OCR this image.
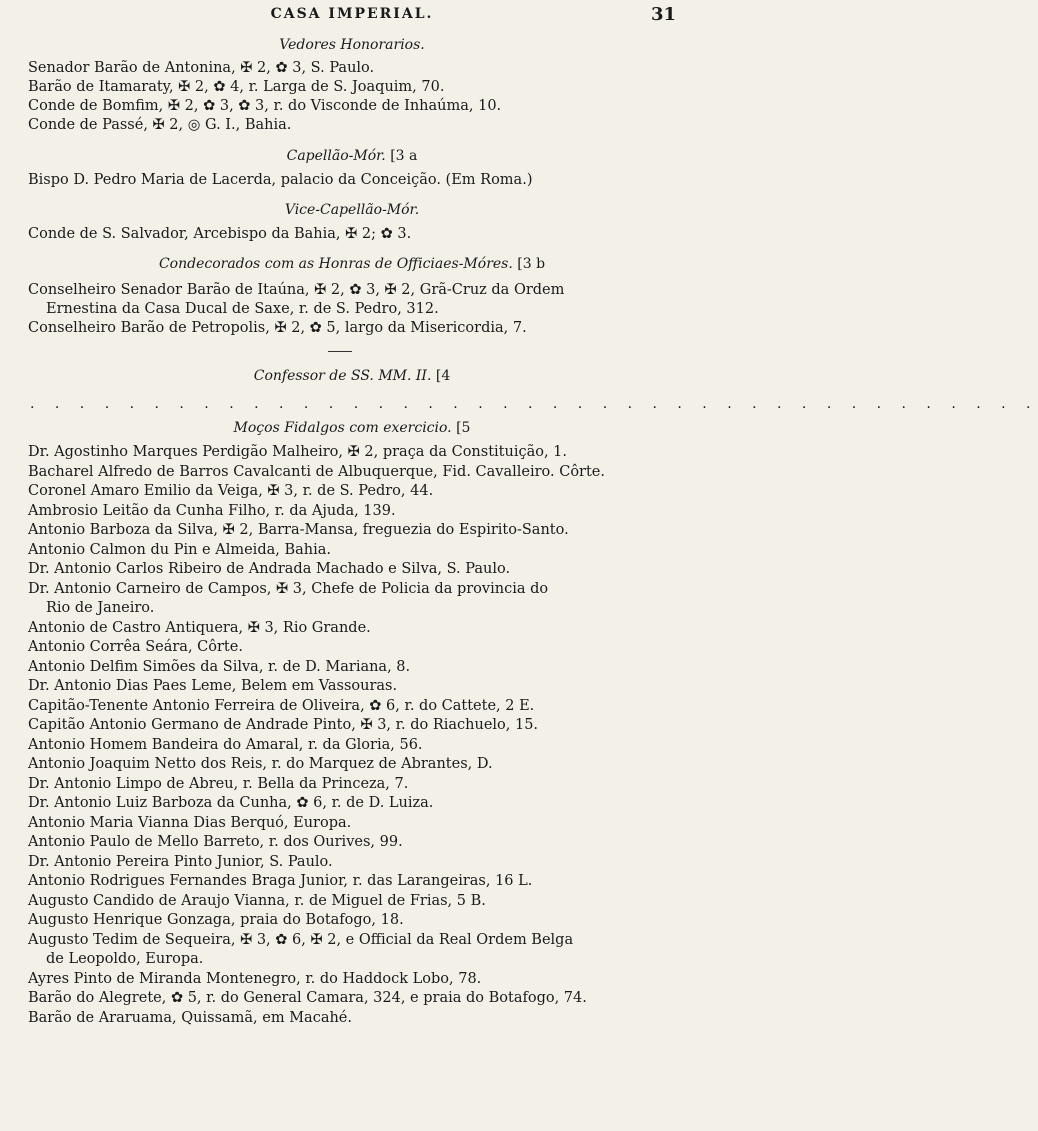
CASA IMPERIAL.	31
Vedores Honorarios.
Senador Barão de Antonina, ✠ 2, ✿ 3, S. Paulo.
Barão de Itamaraty, ✠ 2, ✿ 4, r. Larga de S. Joaquim, 70.
Conde de Bomfim, ✠ 2, ✿ 3, ✿ 3, r. do Visconde de Inhaúma, 10.
Conde de Passé, ✠ 2, ◎ G. I., Bahia.
Capellão-Mór. [3 a
Bispo D. Pedro Maria de Lacerda, palacio da Conceição. (Em Roma.)
Vice-Capellão-Mór.
Conde de S. Salvador, Arcebispo da Bahia, ✠ 2; ✿ 3.
Condecorados com as Honras de Officiaes-Móres. [3 b
Conselheiro Senador Barão de Itaúna, ✠ 2, ✿ 3, ✠ 2, Grã-Cruz da Ordem
Ernestina da Casa Ducal de Saxe, r. de S. Pedro, 312.
Conselheiro Barão de Petropolis, ✠ 2, ✿ 5, largo da Misericordia, 7.
Confessor de SS. MM. II. [4
. . . . . . . . . . . . . . . . . . . . . . . . . . . . . . . . . . . . . . . . .
Moços Fidalgos com exercicio. [5
Dr. Agostinho Marques Perdigão Malheiro, ✠ 2, praça da Constituição, 1.
Bacharel Alfredo de Barros Cavalcanti de Albuquerque, Fid. Cavalleiro. Côrte.
Coronel Amaro Emilio da Veiga, ✠ 3, r. de S. Pedro, 44.
Ambrosio Leitão da Cunha Filho, r. da Ajuda, 139.
Antonio Barboza da Silva, ✠ 2, Barra-Mansa, freguezia do Espirito-Santo.
Antonio Calmon du Pin e Almeida, Bahia.
Dr. Antonio Carlos Ribeiro de Andrada Machado e Silva, S. Paulo.
Dr. Antonio Carneiro de Campos, ✠ 3, Chefe de Policia da provincia do
Rio de Janeiro.
Antonio de Castro Antiquera, ✠ 3, Rio Grande.
Antonio Corrêa Seára, Côrte.
Antonio Delfim Simões da Silva, r. de D. Mariana, 8.
Dr. Antonio Dias Paes Leme, Belem em Vassouras.
Capitão-Tenente Antonio Ferreira de Oliveira, ✿ 6, r. do Cattete, 2 E.
Capitão Antonio Germano de Andrade Pinto, ✠ 3, r. do Riachuelo, 15.
Antonio Homem Bandeira do Amaral, r. da Gloria, 56.
Antonio Joaquim Netto dos Reis, r. do Marquez de Abrantes, D.
Dr. Antonio Limpo de Abreu, r. Bella da Princeza, 7.
Dr. Antonio Luiz Barboza da Cunha, ✿ 6, r. de D. Luiza.
Antonio Maria Vianna Dias Berquó, Europa.
Antonio Paulo de Mello Barreto, r. dos Ourives, 99.
Dr. Antonio Pereira Pinto Junior, S. Paulo.
Antonio Rodrigues Fernandes Braga Junior, r. das Larangeiras, 16 L.
Augusto Candido de Araujo Vianna, r. de Miguel de Frias, 5 B.
Augusto Henrique Gonzaga, praia do Botafogo, 18.
Augusto Tedim de Sequeira, ✠ 3, ✿ 6, ✠ 2, e Official da Real Ordem Belga
de Leopoldo, Europa.
Ayres Pinto de Miranda Montenegro, r. do Haddock Lobo, 78.
Barão do Alegrete, ✿ 5, r. do General Camara, 324, e praia do Botafogo, 74.
Barão de Araruama, Quissamã, em Macahé.
